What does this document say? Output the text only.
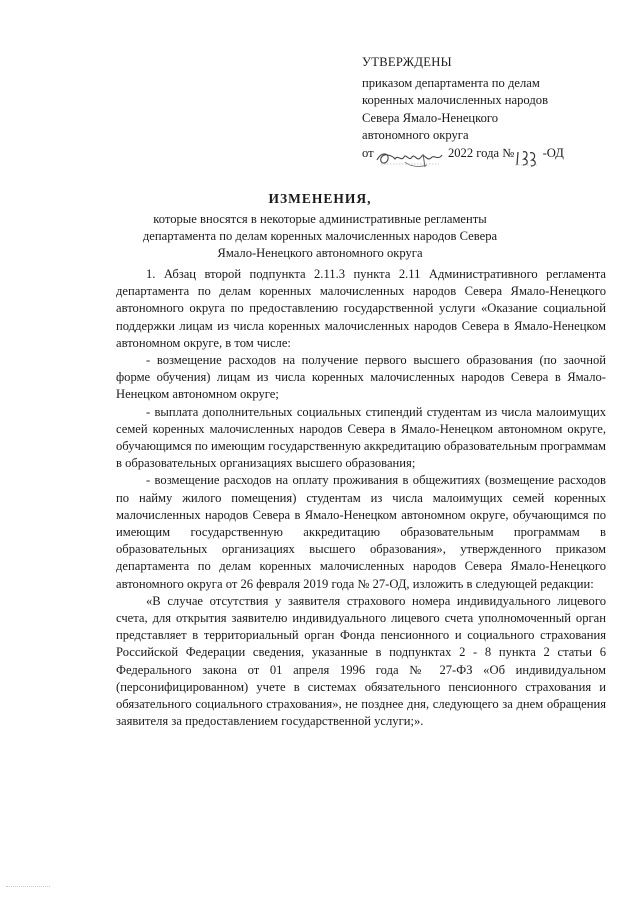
УТВЕРЖДЕНЫ
приказом департамента по делам
коренных малочисленных народов
Севера Ямало-Ненецкого
автономного округа
от	2022 года № -ОД
ИЗМЕНЕНИЯ,
которые вносятся в некоторые административные регламенты
департамента по делам коренных малочисленных народов Севера
Ямало-Ненецкого автономного округа

1. Абзац второй подпункта 2.11.3 пункта 2.11 Административного регламента департамента по делам коренных малочисленных народов Севера Ямало-Ненецкого автономного округа по предоставлению государственной услуги «Оказание социальной поддержки лицам из числа коренных малочисленных народов Севера в Ямало-Ненецком автономном округе, в том числе:

- возмещение расходов на получение первого высшего образования (по заочной форме обучения) лицам из числа коренных малочисленных народов Севера в Ямало-Ненецком автономном округе;

- выплата дополнительных социальных стипендий студентам из числа малоимущих семей коренных малочисленных народов Севера в Ямало-Ненецком автономном округе, обучающимся по имеющим государственную аккредитацию образовательным программам в образовательных организациях высшего образования;

- возмещение расходов на оплату проживания в общежитиях (возмещение расходов по найму жилого помещения) студентам из числа малоимущих семей коренных малочисленных народов Севера в Ямало-Ненецком автономном округе, обучающимся по имеющим государственную аккредитацию образовательным программам в образовательных организациях высшего образования», утвержденного приказом департамента по делам коренных малочисленных народов Севера Ямало-Ненецкого автономного округа от 26 февраля 2019 года № 27-ОД, изложить в следующей редакции:

«В случае отсутствия у заявителя страхового номера индивидуального лицевого счета, для открытия заявителю индивидуального лицевого счета уполномоченный орган представляет в территориальный орган Фонда пенсионного и социального страхования Российской Федерации сведения, указанные в подпунктах 2 - 8 пункта 2 статьи 6 Федерального закона от 01 апреля 1996 года № 27-ФЗ «Об индивидуальном (персонифицированном) учете в системах обязательного пенсионного страхования и обязательного социального страхования», не позднее дня, следующего за днем обращения заявителя за предоставлением государственной услуги;».
